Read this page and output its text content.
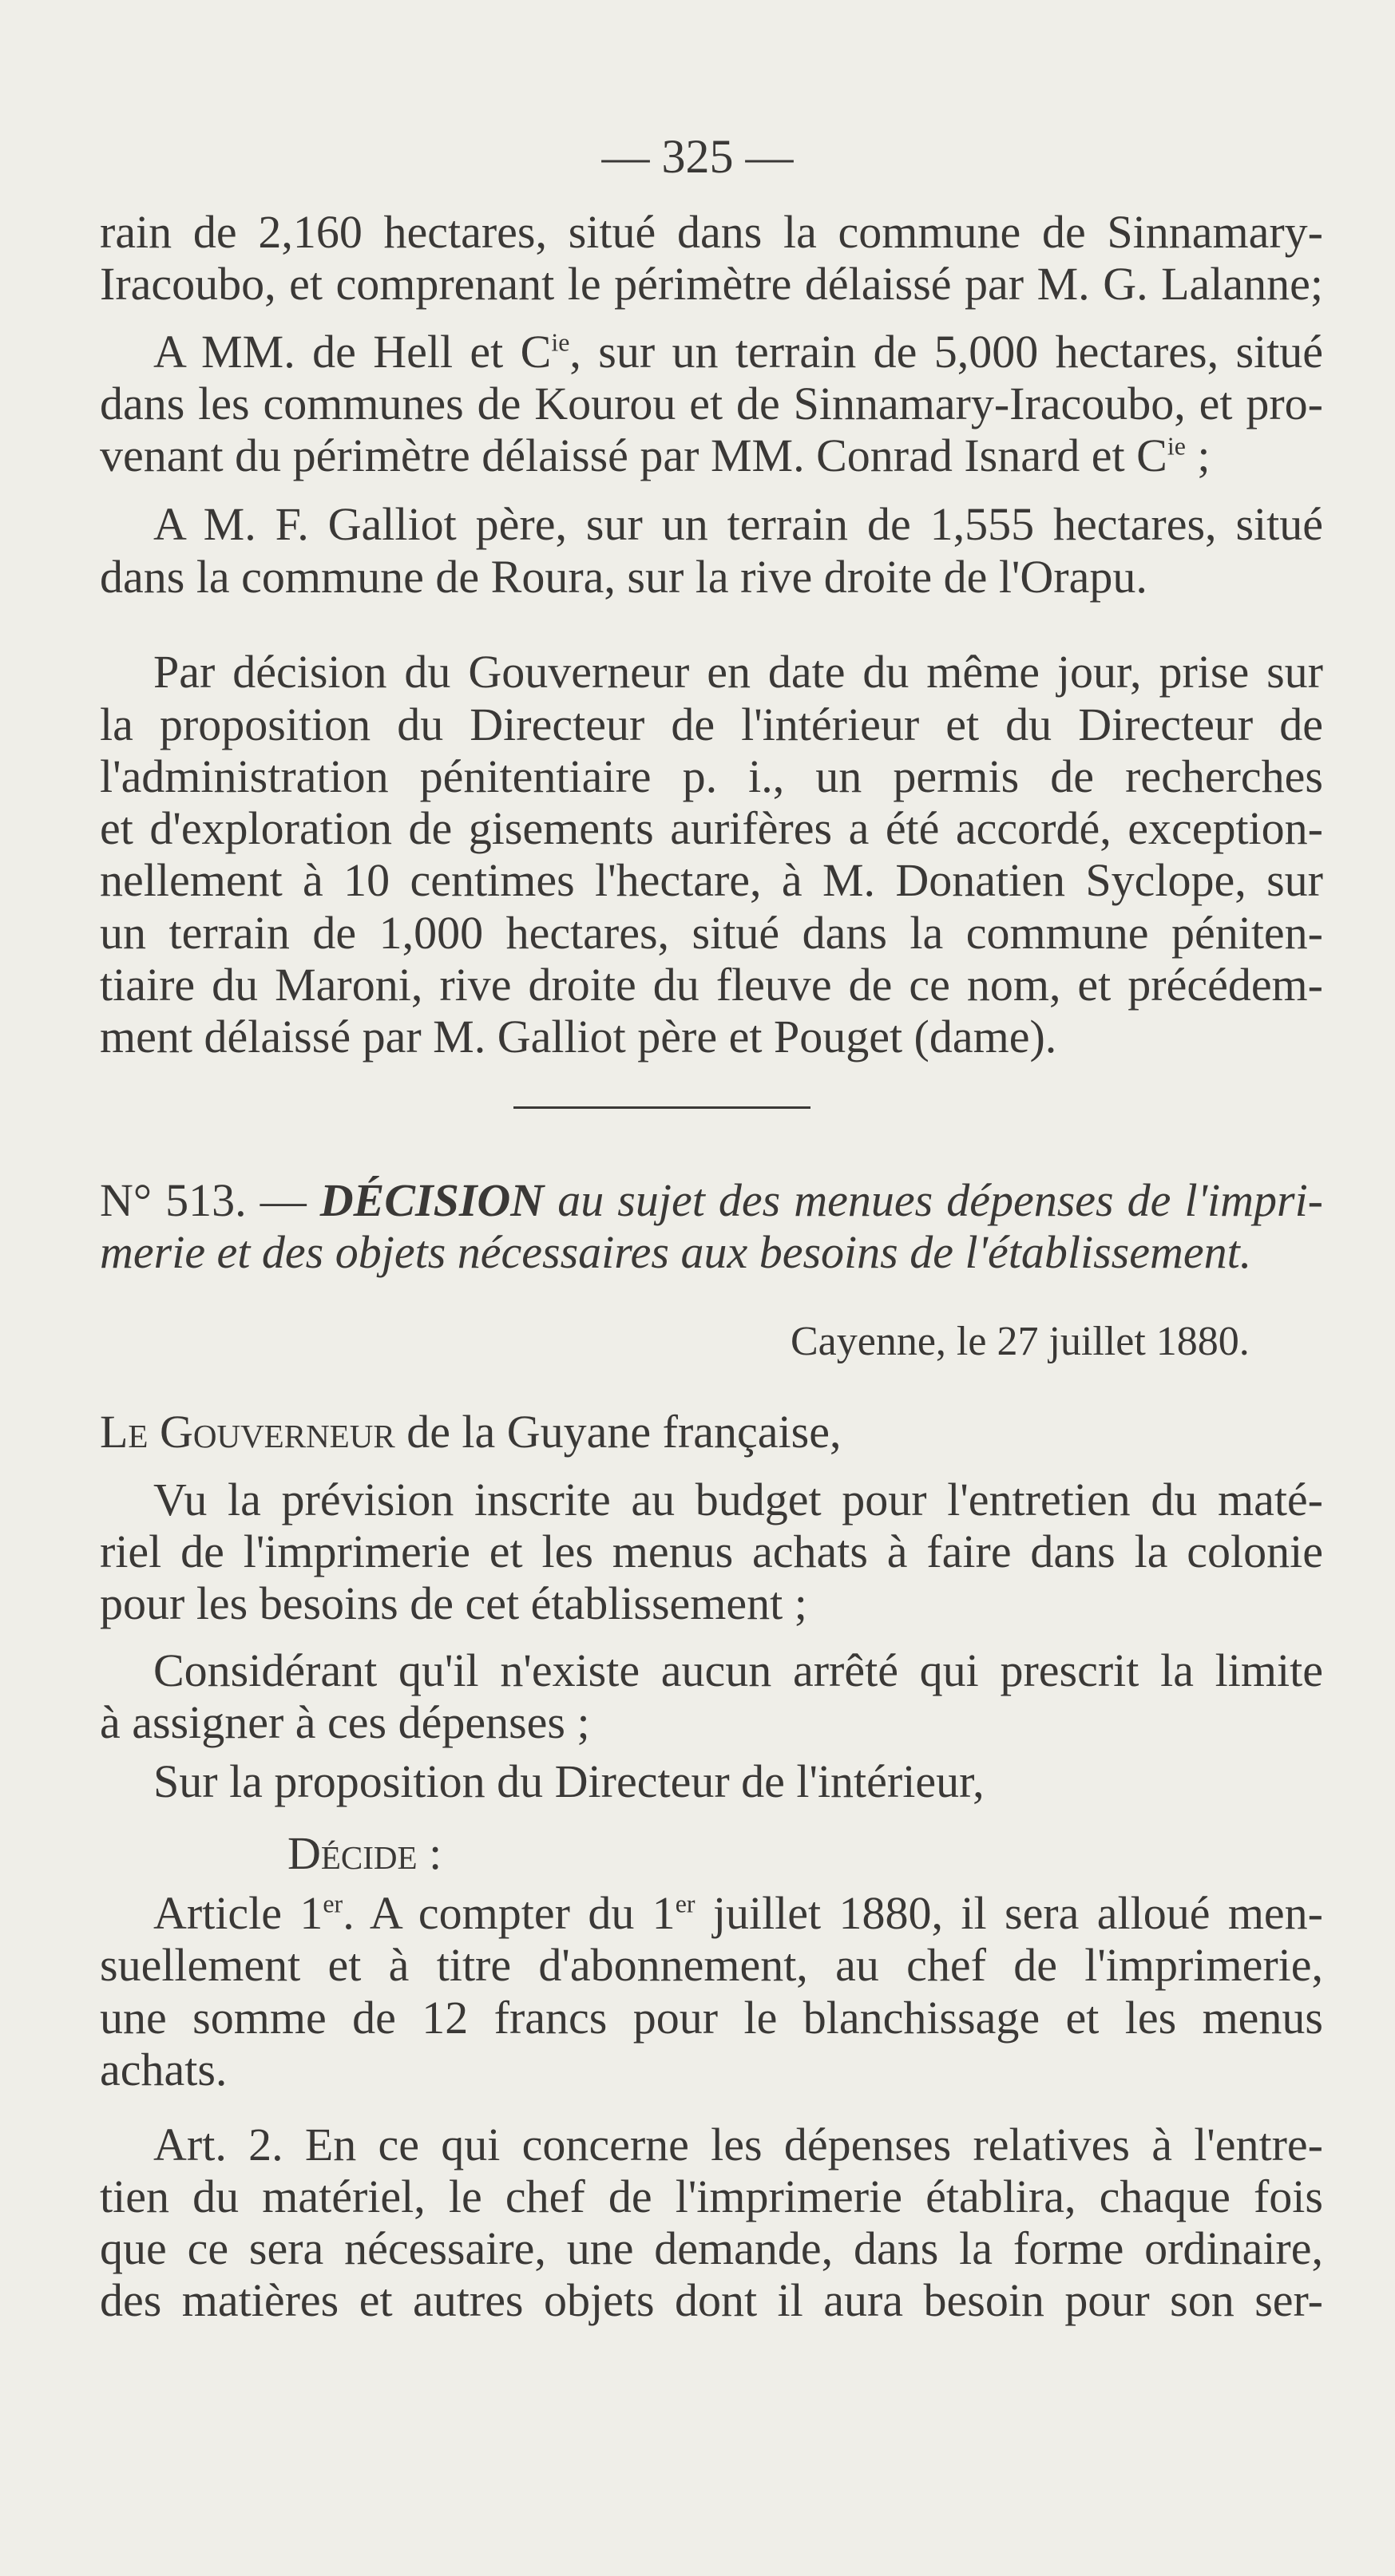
— 325 —
rain de 2,160 hectares, situé dans la commune de Sinnamary-
Iracoubo, et comprenant le périmètre délaissé par M. G. Lalanne;
A MM. de Hell et $C^{ie}$, sur un terrain de 5,000 hectares, situé
dans les communes de Kourou et de Sinnamary-Iracoubo, et pro-
venant du périmètre délaissé par MM. Conrad Isnard et $C^{ie}$ ;
A M. F. Galliot père, sur un terrain de 1,555 hectares, situé
dans la commune de Roura, sur la rive droite de l'Orapu.
Par décision du Gouverneur en date du même jour, prise sur
la proposition du Directeur de l'intérieur et du Directeur de
l'administration pénitentiaire p. i., un permis de recherches
et d'exploration de gisements aurifères a été accordé, exception-
nellement à 10 centimes l'hectare, à M. Donatien Syclope, sur
un terrain de 1,000 hectares, situé dans la commune péniten-
tiaire du Maroni, rive droite du fleuve de ce nom, et précédem-
ment délaissé par M. Galliot père et Pouget (dame).
N° 513. — DÉCISION au sujet des menues dépenses de l'impri-
merie et des objets nécessaires aux besoins de l'établissement.
Cayenne, le 27 juillet 1880.
Le Gouverneur de la Guyane française,
Vu la prévision inscrite au budget pour l'entretien du maté-
riel de l'imprimerie et les menus achats à faire dans la colonie
pour les besoins de cet établissement ;
Considérant qu'il n'existe aucun arrêté qui prescrit la limite
à assigner à ces dépenses ;
Sur la proposition du Directeur de l'intérieur,
Décide :
Article 1er. A compter du 1er juillet 1880, il sera alloué men-
suellement et à titre d'abonnement, au chef de l'imprimerie,
une somme de 12 francs pour le blanchissage et les menus
achats.
Art. 2. En ce qui concerne les dépenses relatives à l'entre-
tien du matériel, le chef de l'imprimerie établira, chaque fois
que ce sera nécessaire, une demande, dans la forme ordinaire,
des matières et autres objets dont il aura besoin pour son ser-
